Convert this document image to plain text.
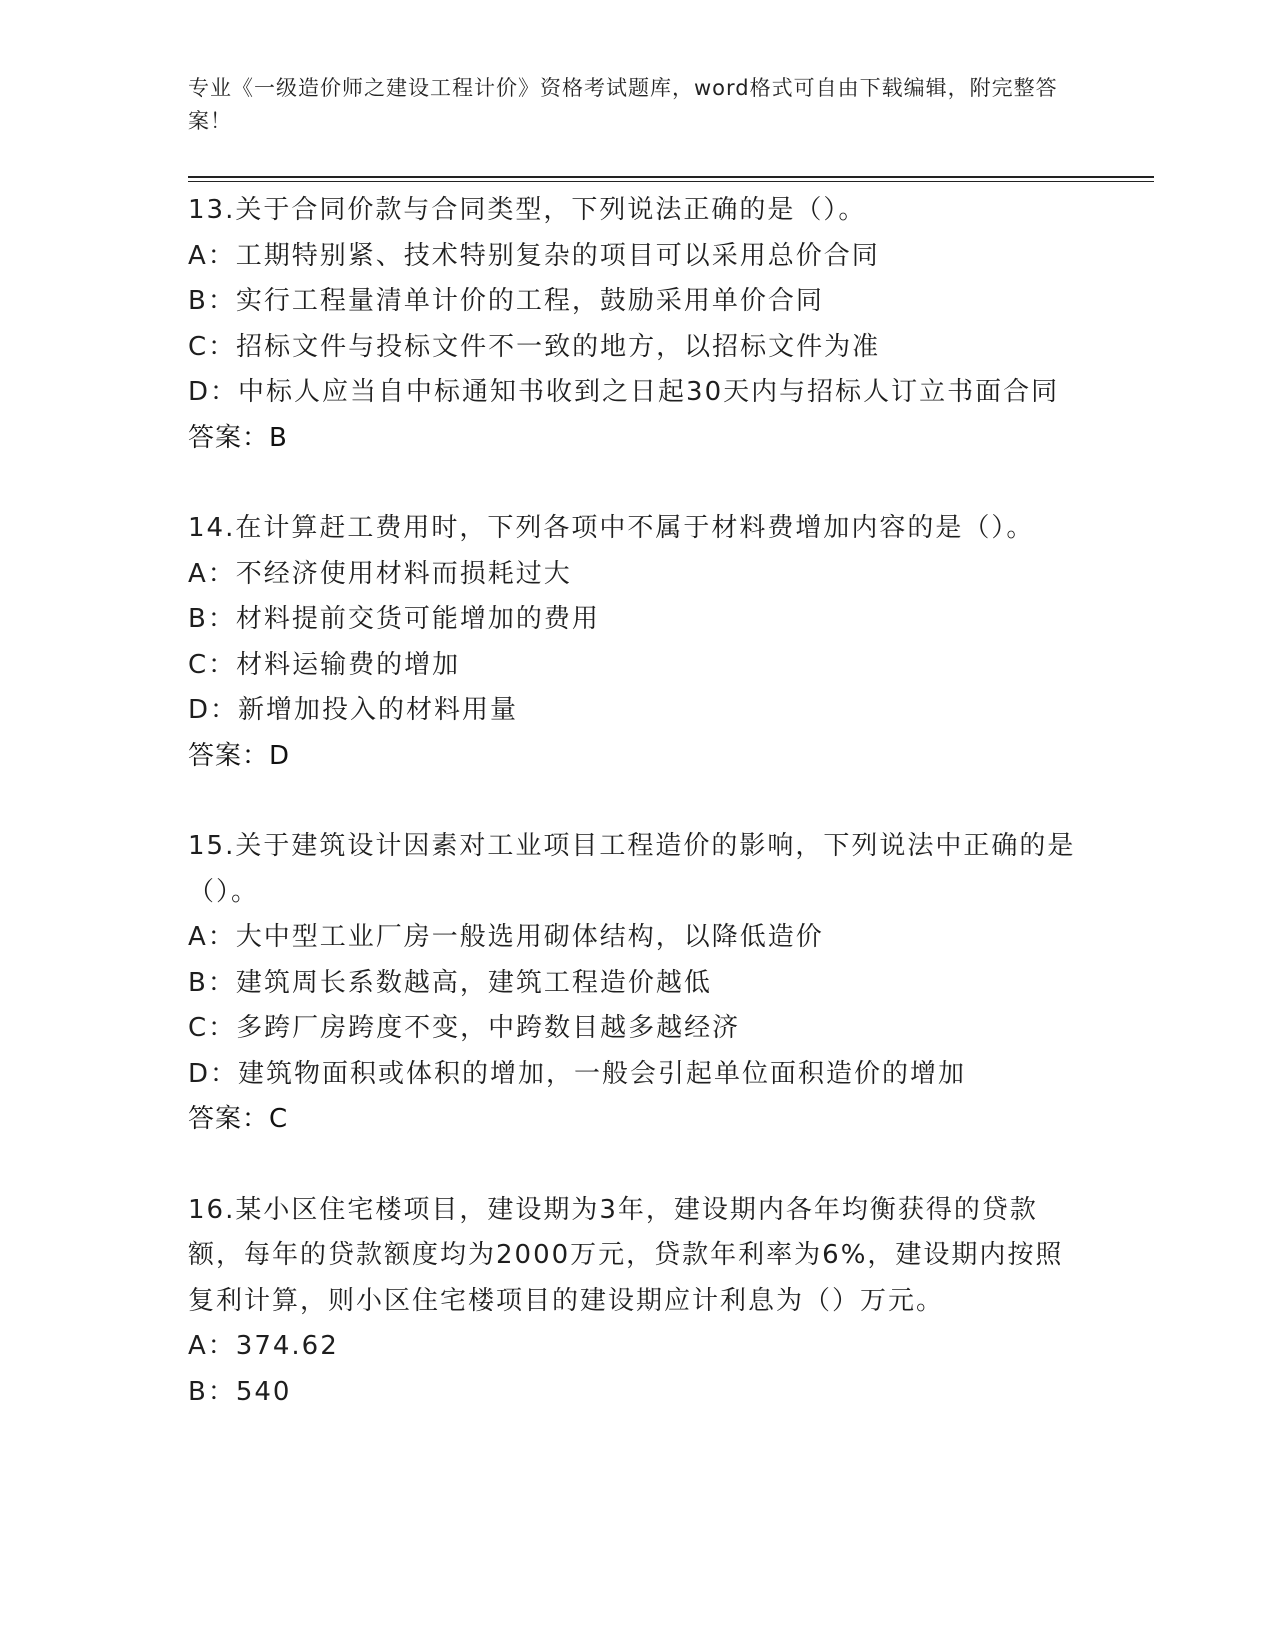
专业《一级造价师之建设工程计价》资格考试题库，word格式可自由下载编辑，附完整答案！
13.关于合同价款与合同类型，下列说法正确的是（）。
A：工期特别紧、技术特别复杂的项目可以采用总价合同
B：实行工程量清单计价的工程，鼓励采用单价合同
C：招标文件与投标文件不一致的地方，以招标文件为准
D：中标人应当自中标通知书收到之日起30天内与招标人订立书面合同
答案：B
14.在计算赶工费用时，下列各项中不属于材料费增加内容的是（）。
A：不经济使用材料而损耗过大
B：材料提前交货可能增加的费用
C：材料运输费的增加
D：新增加投入的材料用量
答案：D
15.关于建筑设计因素对工业项目工程造价的影响，下列说法中正确的是（）。
A：大中型工业厂房一般选用砌体结构，以降低造价
B：建筑周长系数越高，建筑工程造价越低
C：多跨厂房跨度不变，中跨数目越多越经济
D：建筑物面积或体积的增加，一般会引起单位面积造价的增加
答案：C
16.某小区住宅楼项目，建设期为3年，建设期内各年均衡获得的贷款额，每年的贷款额度均为2000万元，贷款年利率为6%，建设期内按照复利计算，则小区住宅楼项目的建设期应计利息为（）万元。
A：374.62
B：540
